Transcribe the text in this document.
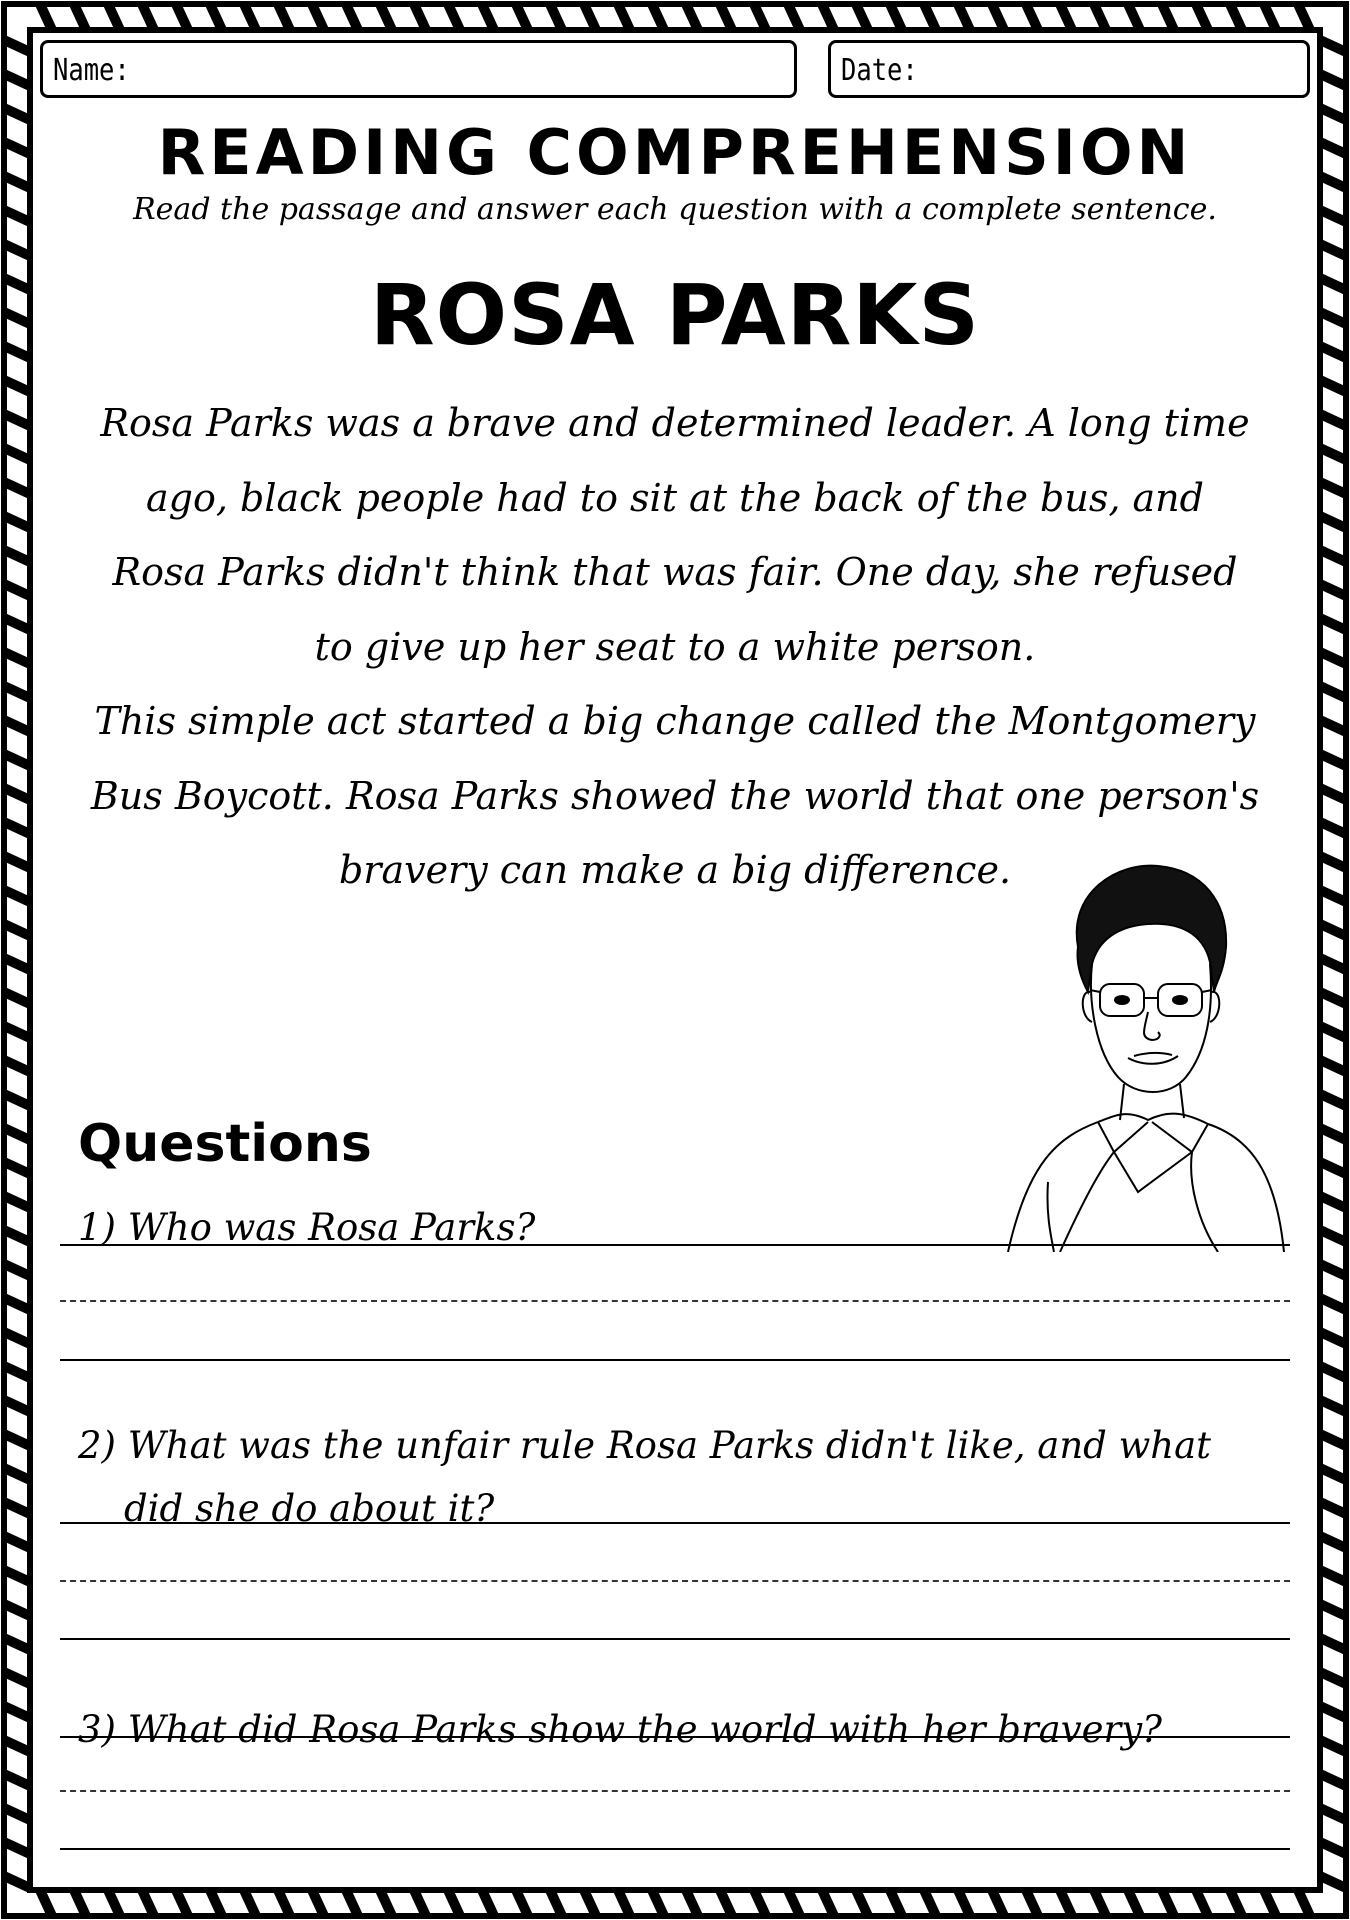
Name:	Date:
READING COMPREHENSION
Read the passage and answer each question with a complete sentence.
ROSA PARKS

Rosa Parks was a brave and determined leader. A long time

ago, black people had to sit at the back of the bus, and

Rosa Parks didn't think that was fair. One day, she refused

to give up her seat to a white person.

This simple act started a big change called the Montgomery

Bus Boycott. Rosa Parks showed the world that one person's

bravery can make a big difference.

Questions
1) Who was Rosa Parks?
2) What was the unfair rule Rosa Parks didn't like, and what
did she do about it?
3) What did Rosa Parks show the world with her bravery?
